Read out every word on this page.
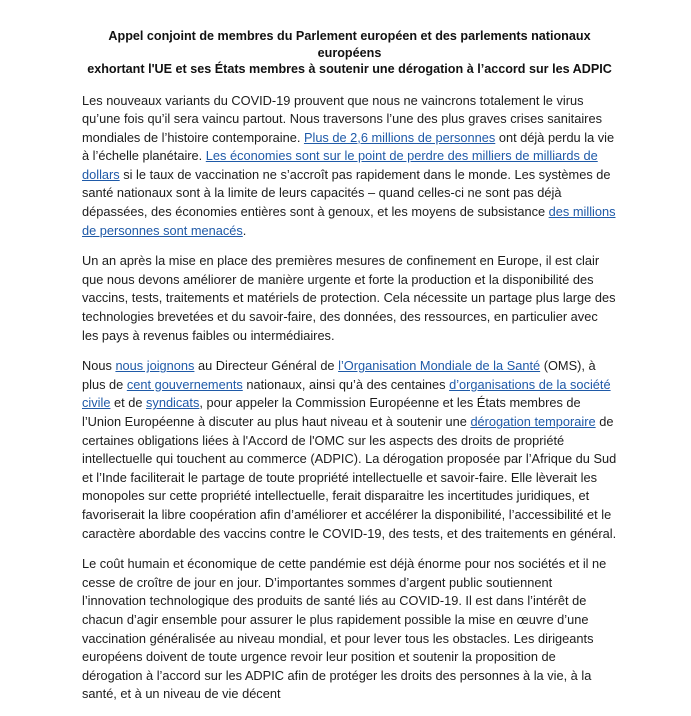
Appel conjoint de membres du Parlement européen et des parlements nationaux européens
exhortant l'UE et ses États membres à soutenir une dérogation à l’accord sur les ADPIC

Les nouveaux variants du COVID-19 prouvent que nous ne vaincrons totalement le virus qu’une fois qu’il sera vaincu partout. Nous traversons l’une des plus graves crises sanitaires mondiales de l’histoire contemporaine. Plus de 2,6 millions de personnes ont déjà perdu la vie à l’échelle planétaire. Les économies sont sur le point de perdre des milliers de milliards de dollars si le taux de vaccination ne s’accroît pas rapidement dans le monde. Les systèmes de santé nationaux sont à la limite de leurs capacités – quand celles-ci ne sont pas déjà dépassées, des économies entières sont à genoux, et les moyens de subsistance des millions de personnes sont menacés.

Un an après la mise en place des premières mesures de confinement en Europe, il est clair que nous devons améliorer de manière urgente et forte la production et la disponibilité des vaccins, tests, traitements et matériels de protection. Cela nécessite un partage plus large des technologies brevetées et du savoir-faire, des données, des ressources, en particulier avec les pays à revenus faibles ou intermédiaires.

Nous nous joignons au Directeur Général de l’Organisation Mondiale de la Santé (OMS), à plus de cent gouvernements nationaux, ainsi qu’à des centaines d’organisations de la société civile et de syndicats, pour appeler la Commission Européenne et les États membres de l’Union Européenne à discuter au plus haut niveau et à soutenir une dérogation temporaire de certaines obligations liées à l'Accord de l'OMC sur les aspects des droits de propriété intellectuelle qui touchent au commerce (ADPIC). La dérogation proposée par l’Afrique du Sud et l’Inde faciliterait le partage de toute propriété intellectuelle et savoir-faire. Elle lèverait les monopoles sur cette propriété intellectuelle, ferait disparaitre les incertitudes juridiques, et favoriserait la libre coopération afin d’améliorer et accélérer la disponibilité, l’accessibilité et le caractère abordable des vaccins contre le COVID-19, des tests, et des traitements en général.

Le coût humain et économique de cette pandémie est déjà énorme pour nos sociétés et il ne cesse de croître de jour en jour. D’importantes sommes d’argent public soutiennent l’innovation technologique des produits de santé liés au COVID-19. Il est dans l’intérêt de chacun d’agir ensemble pour assurer le plus rapidement possible la mise en œuvre d’une vaccination généralisée au niveau mondial, et pour lever tous les obstacles. Les dirigeants européens doivent de toute urgence revoir leur position et soutenir la proposition de dérogation à l’accord sur les ADPIC afin de protéger les droits des personnes à la vie, à la santé, et à un niveau de vie décent
